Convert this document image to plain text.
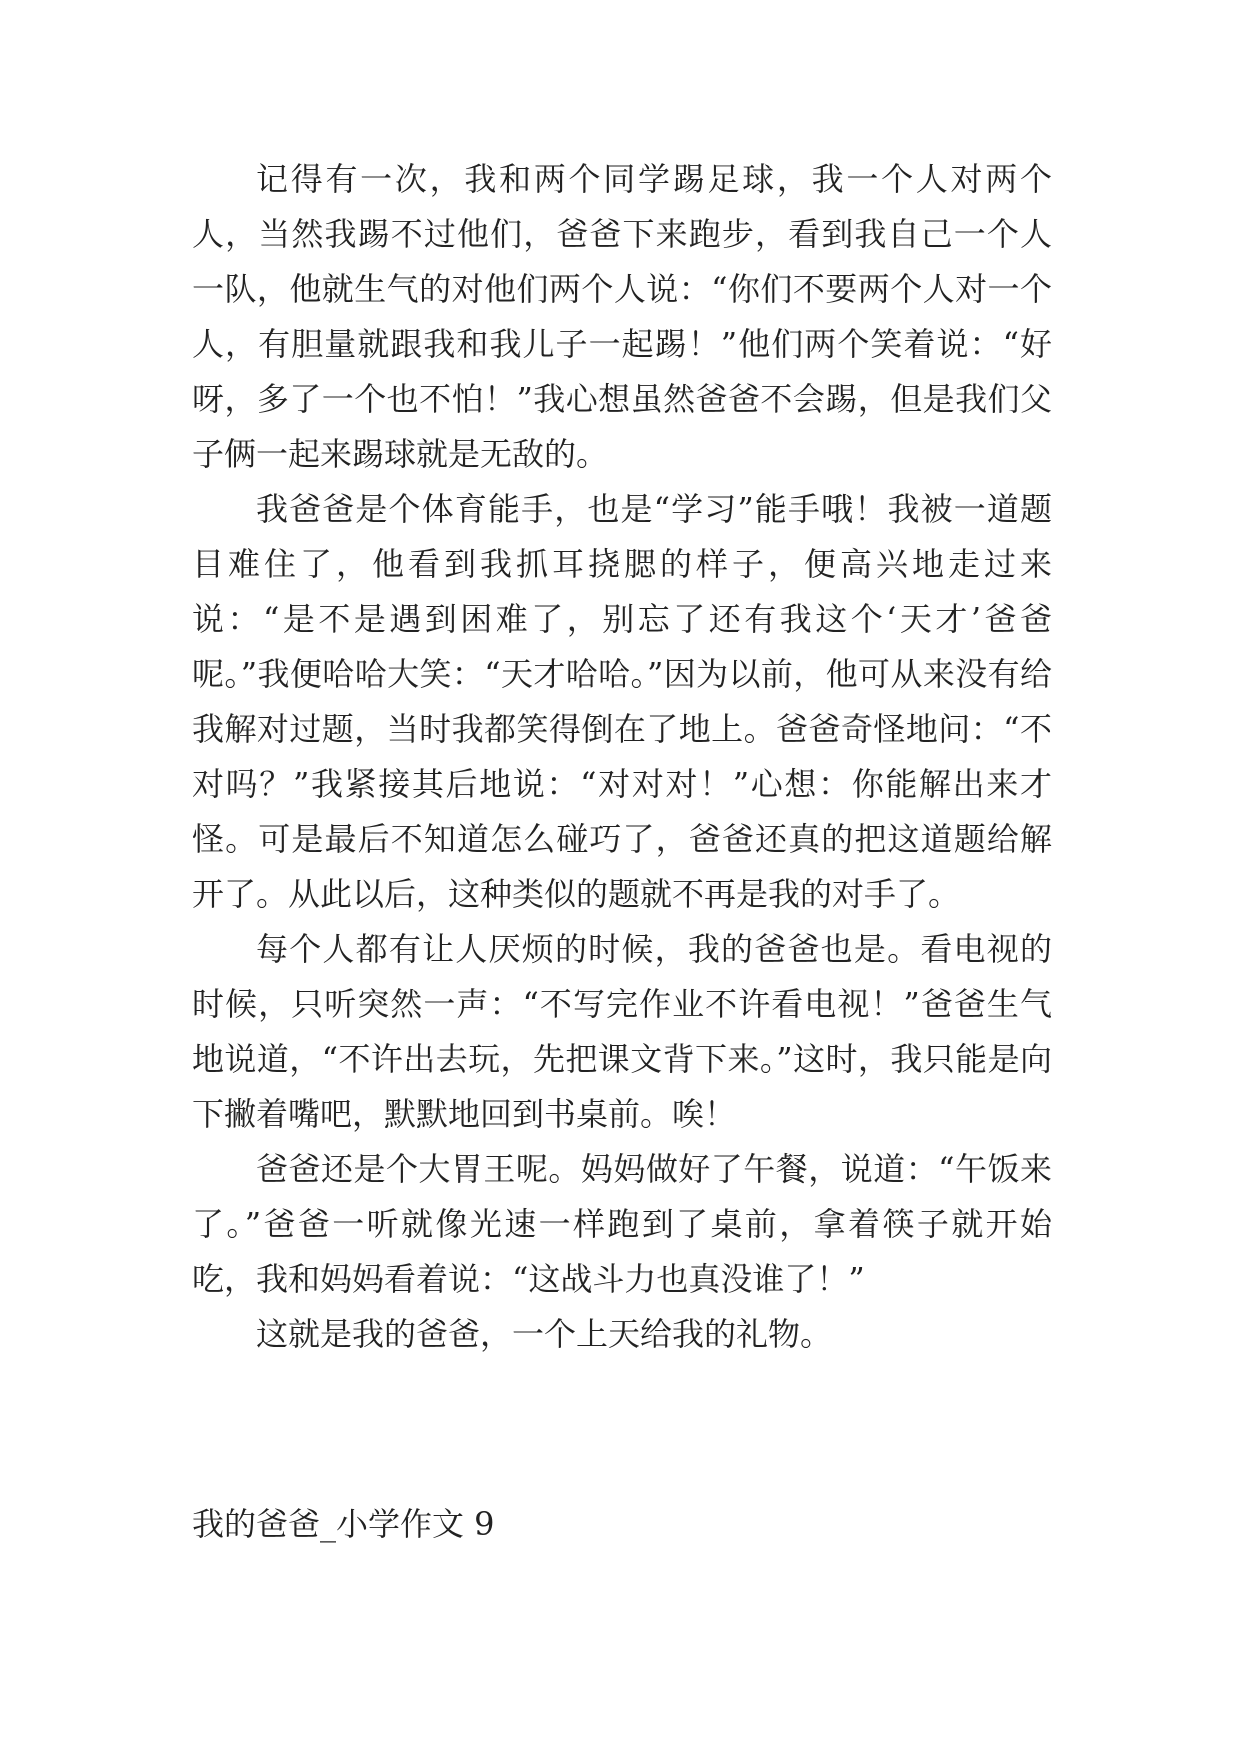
记得有一次，我和两个同学踢足球，我一个人对两个人，当然我踢不过他们，爸爸下来跑步，看到我自己一个人一队，他就生气的对他们两个人说：“你们不要两个人对一个人，有胆量就跟我和我儿子一起踢！”他们两个笑着说：“好呀，多了一个也不怕！”我心想虽然爸爸不会踢，但是我们父子俩一起来踢球就是无敌的。

我爸爸是个体育能手，也是“学习”能手哦！我被一道题目难住了，他看到我抓耳挠腮的样子，便高兴地走过来说：“是不是遇到困难了，别忘了还有我这个‘天才’爸爸呢。”我便哈哈大笑：“天才哈哈。”因为以前，他可从来没有给我解对过题，当时我都笑得倒在了地上。爸爸奇怪地问：“不对吗？”我紧接其后地说：“对对对！”心想：你能解出来才怪。可是最后不知道怎么碰巧了，爸爸还真的把这道题给解开了。从此以后，这种类似的题就不再是我的对手了。

每个人都有让人厌烦的时候，我的爸爸也是。看电视的时候，只听突然一声：“不写完作业不许看电视！”爸爸生气地说道，“不许出去玩，先把课文背下来。”这时，我只能是向下撇着嘴吧，默默地回到书桌前。唉！

爸爸还是个大胃王呢。妈妈做好了午餐，说道：“午饭来了。”爸爸一听就像光速一样跑到了桌前，拿着筷子就开始吃，我和妈妈看着说：“这战斗力也真没谁了！”

这就是我的爸爸，一个上天给我的礼物。

我的爸爸_小学作文 9
